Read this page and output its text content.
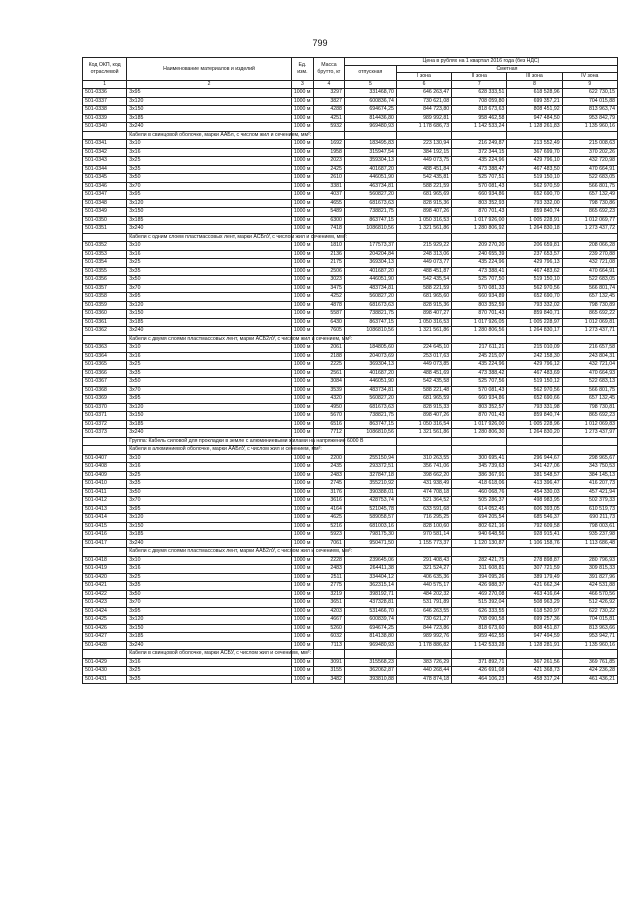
799
Код ОКП, код отраслевой	Наименование материалов и изделий	Ед. изм.	Масса брутто, кг	Цена в рублях на 1 квартал 2016 года (без НДС)				
				отпускная	Сметная			
					I зона	II зона	III зона	IV зона
1	2	3	4	5	6	7	8	9
501-0336	3х95	1000 м	3297	331468,70	646 263,47	628 333,51	618 528,96	622 730,15
501-0337	3х120	1000 м	3827	600836,74	730 621,08	708 059,80	699 357,21	704 015,88
501-0338	3х150	1000 м	4288	694674,25	844 723,80	818 673,63	808 451,92	813 963,74
501-0339	3х185	1000 м	4251	814436,80	989 992,81	958 462,58	947 484,50	953 842,79
501-0340	3х240	1000 м	5932	969480,93	1 178 686,73	1 142 533,24	1 128 261,83	1 135 960,16
	Кабели в свинцовой оболочке, марки ААБл, с числом жил и сечением, мм²:							
501-0341	3х10	1000 м	1692	183495,83	223 130,94	216 249,87	213 552,49	215 008,63
501-0342	3х16	1000 м	1958	315947,54	384 192,15	372 344,15	367 699,70	370 202,26
501-0343	3х25	1000 м	2023	359304,13	449 073,75	435 224,96	429 796,10	432 720,98
501-0344	3х35	1000 м	2425	401687,20	488 451,84	473 388,47	467 483,50	470 664,91
501-0345	3х50	1000 м	2610	446051,90	542 435,81	525 707,51	519 150,10	522 683,05
501-0346	3х70	1000 м	3381	463734,81	588 221,59	570 081,43	562 970,59	566 801,75
501-0347	3х95	1000 м	4037	560827,20	681 965,69	660 934,86	652 690,70	657 132,49
501-0348	3х120	1000 м	4655	681673,63	828 915,36	803 352,93	793 332,00	798 730,86
501-0349	3х150	1000 м	5489	738821,75	898 407,26	870 701,43	859 840,74	865 692,23
501-0350	3х185	1000 м	6300	863747,15	1 050 316,53	1 017 926,00	1 005 228,91	1 012 069,77
501-0351	3х240	1000 м	7418	1086810,56	1 321 561,86	1 280 806,92	1 264 830,18	1 273 437,72
	Кабели с одним слоем пластмассовых лент, марки АСБлУ, с числом жил и сечением, мм²:							
501-0352	3х10	1000 м	1810	177573,37	215 929,22	209 270,20	206 659,81	208 066,28
501-0353	3х16	1000 м	2136	204204,84	248 313,06	240 655,39	237 653,57	239 270,88
501-0354	3х25	1000 м	2175	369304,13	449 073,77	435 224,96	429 796,13	432 721,08
501-0355	3х35	1000 м	2506	401687,20	488 451,87	473 388,41	467 483,62	470 664,91
501-0356	3х50	1000 м	3023	446051,90	542 435,54	525 707,50	519 150,10	522 683,05
501-0357	3х70	1000 м	3475	483734,81	588 221,59	570 081,33	562 970,56	566 801,74
501-0358	3х95	1000 м	4252	560827,20	681 965,60	660 934,89	652 690,70	657 132,45
501-0359	3х120	1000 м	4878	681673,63	828 915,36	803 352,59	793 332,02	798 730,89
501-0360	3х150	1000 м	5587	738821,75	898 407,27	870 701,43	859 840,71	865 692,22
501-0361	3х185	1000 м	6430	863747,15	1 050 316,53	1 017 926,05	1 005 228,97	1 012 069,81
501-0362	3х240	1000 м	7605	1086810,56	1 321 561,86	1 280 806,56	1 264 830,17	1 273 437,71
	Кабели с двумя слоями пластмассовых лент, марки АСБ2лУ, с числом жил и сечением, мм²:							
501-0363	3х10	1000 м	2061	184805,60	224 645,10	217 611,21	215 010,09	216 657,58
501-0364	3х16	1000 м	2188	204073,69	253 017,63	245 215,07	242 158,30	243 804,31
501-0365	3х25	1000 м	2225	369304,13	449 073,85	435 224,96	429 796,12	432 721,04
501-0366	3х35	1000 м	2561	401687,20	488 451,69	473 388,42	467 483,69	470 664,93
501-0367	3х50	1000 м	3084	446051,90	542 435,58	525 707,56	519 150,12	522 683,13
501-0368	3х70	1000 м	3539	483734,81	588 221,48	570 081,43	562 970,56	566 801,75
501-0369	3х95	1000 м	4320	560827,20	681 965,59	660 934,86	652 690,66	657 132,45
501-0370	3х120	1000 м	4950	681673,63	828 915,33	803 352,57	793 331,98	798 730,81
501-0371	3х150	1000 м	5670	738821,75	898 407,26	870 701,43	859 840,74	865 692,23
501-0372	3х185	1000 м	6516	863747,15	1 050 316,54	1 017 926,00	1 005 228,96	1 012 069,83
501-0373	3х240	1000 м	7712	1086810,56	1 321 561,86	1 280 806,30	1 264 830,20	1 273 437,97
	Группа: Кабель силовой для прокладки в земле с алюминиевыми жилами на напряжение 6000 В							
	Кабели в алюминиевой оболочке, марки ААБлУ, с числом жил и сечением, мм²:							
501-0407	3х10	1000 м	2200	255150,94	310 263,55	300 695,41	296 944,67	298 965,67
501-0408	3х16	1000 м	2435	293372,51	356 741,06	345 739,63	341 427,06	343 750,53
501-0409	3х25	1000 м	2483	327847,18	398 662,20	386 367,91	381 548,57	384 145,13
501-0410	3х35	1000 м	2745	355210,92	431 938,49	418 618,06	413 396,47	416 207,73
501-0411	3х50	1000 м	3176	390388,01	474 708,18	460 068,76	454 330,03	457 421,94
501-0412	3х70	1000 м	3616	428753,74	521 364,52	505 286,37	498 983,95	502 379,33
501-0413	3х95	1000 м	4164	521045,78	633 591,68	614 052,45	606 393,05	610 519,73
501-0414	3х120	1000 м	4625	589058,57	716 295,25	694 205,54	685 546,37	690 211,73
501-0415	3х150	1000 м	5216	681003,16	828 100,60	802 621,16	792 609,58	798 003,61
501-0416	3х185	1000 м	5923	798175,30	970 581,14	940 648,56	928 915,41	935 237,98
501-0417	3х240	1000 м	7061	950471,50	1 155 773,37	1 120 130,87	1 106 158,76	1 113 686,48
	Кабели с двумя слоями пластмассовых лент, марки ААБ2лУ, с числом жил и сечением, мм²:							
501-0418	3х10	1000 м	2228	239645,06	291 408,43	282 421,75	278 898,87	280 796,93
501-0419	3х16	1000 м	2483	264411,38	321 524,27	311 608,81	307 721,59	309 815,33
501-0420	3х25	1000 м	2511	334404,12	406 635,36	394 095,26	389 179,49	391 827,96
501-0421	3х35	1000 м	2775	362315,14	440 575,17	426 988,37	421 662,34	424 531,88
501-0422	3х50	1000 м	3219	398192,71	484 202,32	469 270,08	463 416,64	466 570,56
501-0423	3х70	1000 м	3651	437328,81	531 791,89	515 392,04	508 963,29	512 426,92
501-0424	3х95	1000 м	4203	531466,70	646 263,55	626 333,55	618 520,97	622 730,22
501-0425	3х120	1000 м	4667	600839,74	730 621,27	708 090,58	699 257,36	704 015,81
501-0426	3х150	1000 м	5260	694674,25	844 723,86	818 673,60	808 451,87	813 963,66
501-0427	3х185	1000 м	6032	814138,80	989 992,76	959 462,55	947 494,59	953 942,71
501-0428	3х240	1000 м	7113	969480,93	1 178 886,82	1 142 533,28	1 128 281,91	1 135 960,16
	Кабели в свинцовой оболочке, марки АСБУ, с числом жил и сечением, мм²:							
501-0429	3х16	1000 м	3091	315568,23	383 726,29	371 892,71	367 261,56	369 761,85
501-0430	3х25	1000 м	3155	362062,87	440 268,44	426 691,08	421 368,73	424 236,28
501-0431	3х35	1000 м	3482	393810,88	478 874,18	464 106,23	458 317,24	461 436,21
